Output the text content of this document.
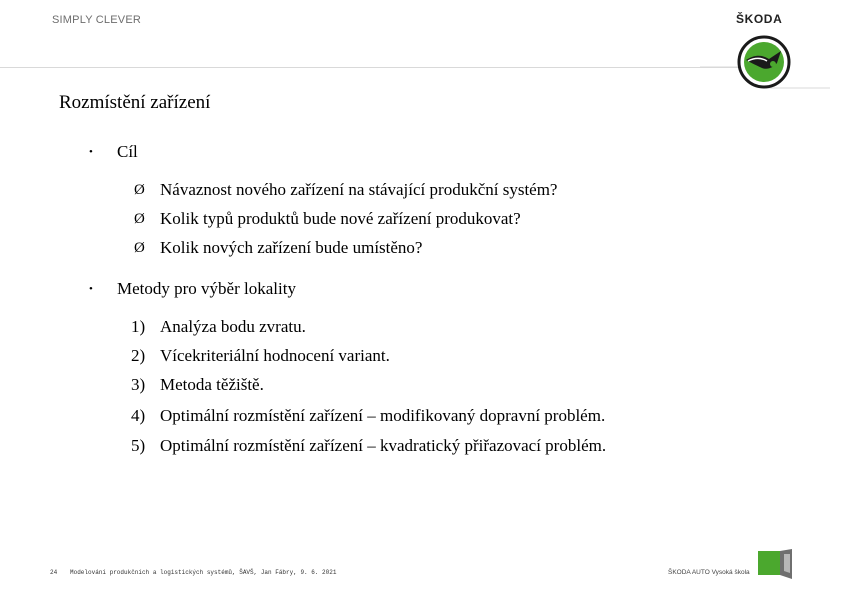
SIMPLY CLEVER	ŠKODA
Rozmístění zařízení
• Cíl
Ø Návaznost nového zařízení na stávající produkční systém?
Ø Kolik typů produktů bude nové zařízení produkovat?
Ø Kolik nových zařízení bude umístěno?
• Metody pro výběr lokality
1) Analýza bodu zvratu.
2) Vícekriteriální hodnocení variant.
3) Metoda těžiště.
4) Optimální rozmístění zařízení – modifikovaný dopravní problém.
5) Optimální rozmístění zařízení – kvadratický přiřazovací problém.
24 Modelování produkčních a logistických systémů, ŠAVŠ, Jan Fábry, 9. 6. 2021	ŠKODA AUTO Vysoká škola
